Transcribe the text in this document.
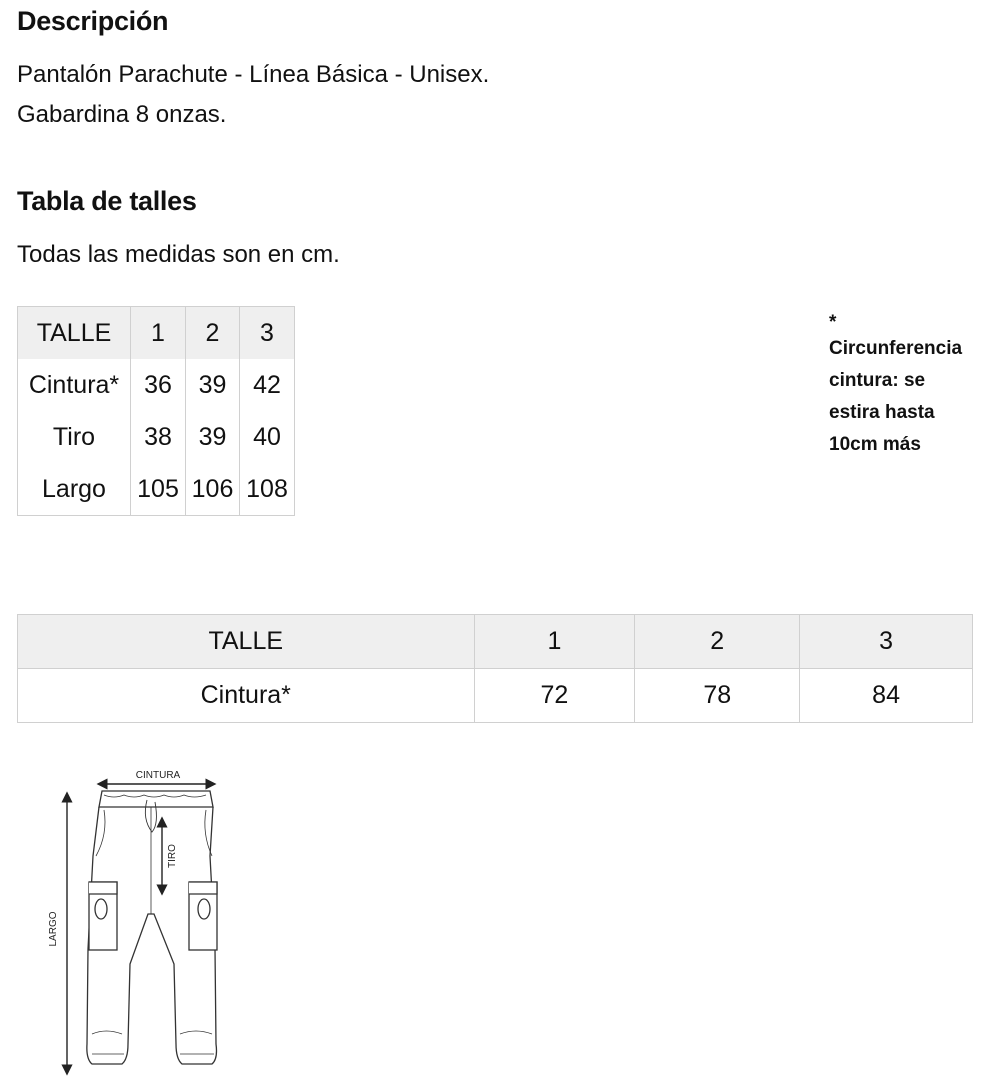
Descripción

Pantalón Parachute - Línea Básica - Unisex.

Gabardina 8 onzas.

Tabla de talles

Todas las medidas son en cm.

TALLE	1	2	3
Cintura*	36	39	42
Tiro	38	39	40
Largo	105	106	108
*
Circunferencia cintura: se estira hasta 10cm más
TALLE	1	2	3
Cintura*	72	78	84
CINTURA
TIRO
LARGO
